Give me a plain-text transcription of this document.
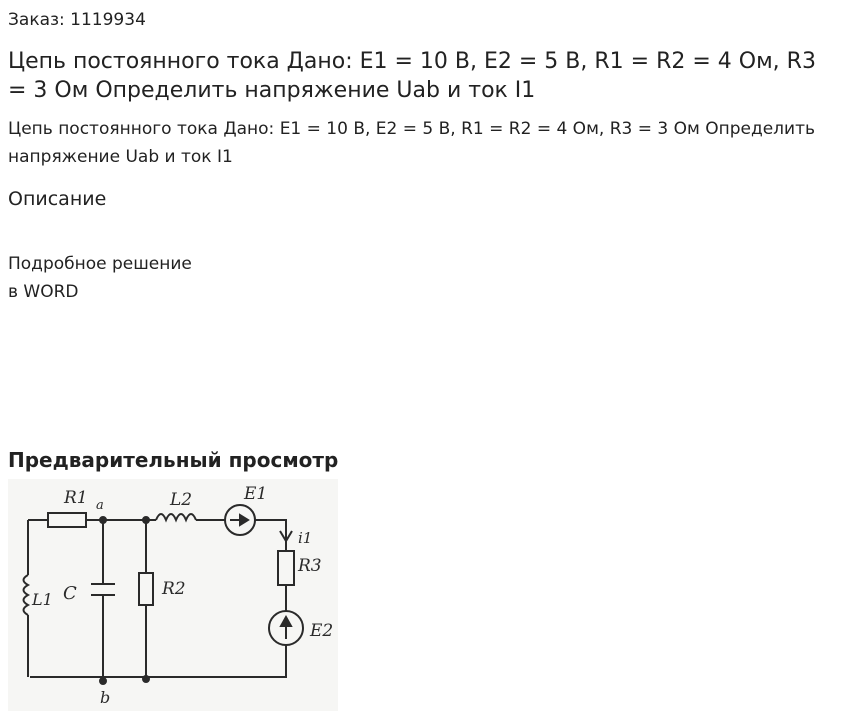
Заказ: 1119934
Цепь постоянного тока Дано: E1 = 10 В, E2 = 5 В, R1 = R2 = 4 Ом, R3 = 3 Ом Определить напряжение Uab и ток I1
Цепь постоянного тока Дано: E1 = 10 В, E2 = 5 В, R1 = R2 = 4 Ом, R3 = 3 Ом Определить напряжение Uab и ток I1
Описание
Подробное решение
в WORD
Предварительный просмотр
R1 a	L2	E1
i1
R3
L1 C	R2
E2
b
